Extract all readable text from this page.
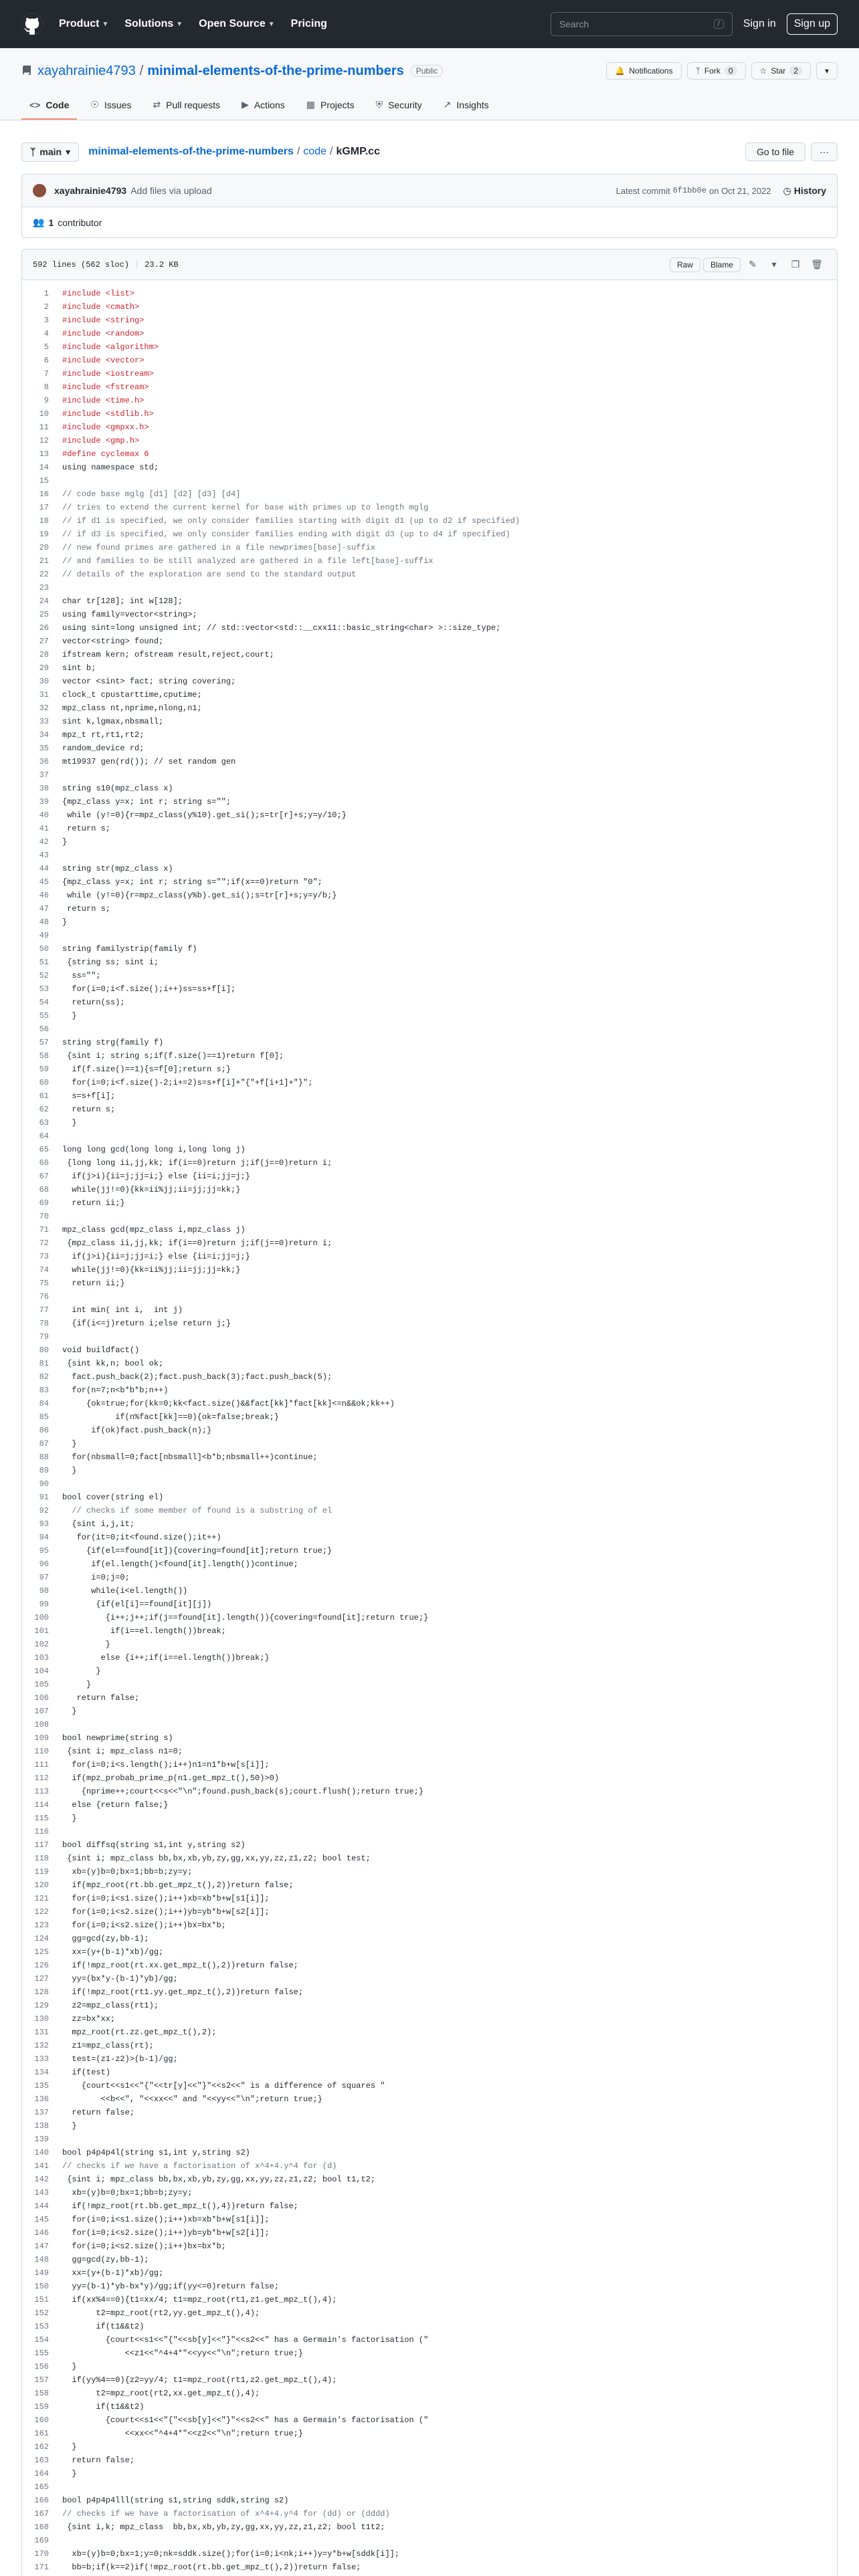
Product ▼ Solutions ▼ Open Source ▼ Pricing	Search	/	Sign in	Sign up
xayahrainie4793 / minimal-elements-of-the-prime-numbers	Public	🔔 Notifications	ᛉ Fork	0	☆ Star	2	▾
<> Code ☉ Issues ⇄ Pull requests ▶ Actions ▦ Projects ⛨ Security ↗ Insights
ᛉ main ▾ minimal-elements-of-the-prime-numbers / code / kGMP.cc	Go to file	···
xayahrainie4793 Add files via upload	Latest commit 6f1bb0e on Oct 21, 2022 ◷ History
👥 1 contributor
592 lines (562 sloc) | 23.2 KB	Raw	Blame	✎	▾	❐	🗑
1	#include <list>
2	#include <cmath>
3	#include <string>
4	#include <random>
5	#include <algorithm>
6	#include <vector>
7	#include <iostream>
8	#include <fstream>
9	#include <time.h>
10	#include <stdlib.h>
11	#include <gmpxx.h>
12	#include <gmp.h>
13	#define cyclemax 6
14	using namespace std;
15
16	// code base mglg [d1] [d2] [d3] [d4]
17	// tries to extend the current kernel for base with primes up to length mglg
18	// if d1 is specified, we only consider families starting with digit d1 (up to d2 if specified)
19	// if d3 is specified, we only consider families ending with digit d3 (up to d4 if specified)
20	// new found primes are gathered in a file newprimes[base]-suffix
21	// and families to be still analyzed are gathered in a file left[base]-suffix
22	// details of the exploration are send to the standard output
23
24	char tr[128]; int w[128];
25	using family=vector<string>;
26	using sint=long unsigned int; // std::vector<std::__cxx11::basic_string<char> >::size_type;
27	vector<string> found;
28	ifstream kern; ofstream result,reject,court;
29	sint b;
30	vector <sint> fact; string covering;
31	clock_t cpustarttime,cputime;
32	mpz_class nt,nprime,nlong,n1;
33	sint k,lgmax,nbsmall;
34	mpz_t rt,rt1,rt2;
35	random_device rd;
36	mt19937 gen(rd()); // set random gen
37
38	string s10(mpz_class x)
39	{mpz_class y=x; int r; string s="";
40	while (y!=0){r=mpz_class(y%10).get_si();s=tr[r]+s;y=y/10;}
41	return s;
42	}
43
44	string str(mpz_class x)
45	{mpz_class y=x; int r; string s="";if(x==0)return "0";
46	while (y!=0){r=mpz_class(y%b).get_si();s=tr[r]+s;y=y/b;}
47	return s;
48	}
49
50	string familystrip(family f)
51	{string ss; sint i;
52	ss="";
53	for(i=0;i<f.size();i++)ss=ss+f[i];
54	return(ss);
55	}
56
57	string strg(family f)
58	{sint i; string s;if(f.size()==1)return f[0];
59	if(f.size()==1){s=f[0];return s;}
60	for(i=0;i<f.size()-2;i+=2)s=s+f[i]+"{"+f[i+1]+"}";
61	s=s+f[i];
62	return s;
63	}
64
65	long long gcd(long long i,long long j)
66	{long long ii,jj,kk; if(i==0)return j;if(j==0)return i;
67	if(j>i){ii=j;jj=i;} else {ii=i;jj=j;}
68	while(jj!=0){kk=ii%jj;ii=jj;jj=kk;}
69	return ii;}
70
71	mpz_class gcd(mpz_class i,mpz_class j)
72	{mpz_class ii,jj,kk; if(i==0)return j;if(j==0)return i;
73	if(j>i){ii=j;jj=i;} else {ii=i;jj=j;}
74	while(jj!=0){kk=ii%jj;ii=jj;jj=kk;}
75	return ii;}
76
77	int min( int i,  int j)
78	{if(i<=j)return i;else return j;}
79
80	void buildfact()
81	{sint kk,n; bool ok;
82	fact.push_back(2);fact.push_back(3);fact.push_back(5);
83	for(n=7;n<b*b*b;n++)
84	{ok=true;for(kk=0;kk<fact.size()&&fact[kk]*fact[kk]<=n&&ok;kk++)
85	if(n%fact[kk]==0){ok=false;break;}
86	if(ok)fact.push_back(n);}
87	}
88	for(nbsmall=0;fact[nbsmall]<b*b;nbsmall++)continue;
89	}
90
91	bool cover(string el)
92	// checks if some member of found is a substring of el
93	{sint i,j,it;
94	for(it=0;it<found.size();it++)
95	{if(el==found[it]){covering=found[it];return true;}
96	if(el.length()<found[it].length())continue;
97	i=0;j=0;
98	while(i<el.length())
99	{if(el[i]==found[it][j])
100	{i++;j++;if(j==found[it].length()){covering=found[it];return true;}
101	if(i==el.length())break;
102	}
103	else {i++;if(i==el.length())break;}
104	}
105	}
106	return false;
107	}
108
109	bool newprime(string s)
110	{sint i; mpz_class n1=0;
111	for(i=0;i<s.length();i++)n1=n1*b+w[s[i]];
112	if(mpz_probab_prime_p(n1.get_mpz_t(),50)>0)
113	{nprime++;court<<s<<"\n";found.push_back(s);court.flush();return true;}
114	else {return false;}
115	}
116
117	bool diffsq(string s1,int y,string s2)
118	{sint i; mpz_class bb,bx,xb,yb,zy,gg,xx,yy,zz,z1,z2; bool test;
119	xb=(y)b=0;bx=1;bb=b;zy=y;
120	if(mpz_root(rt.bb.get_mpz_t(),2))return false;
121	for(i=0;i<s1.size();i++)xb=xb*b+w[s1[i]];
122	for(i=0;i<s2.size();i++)yb=yb*b+w[s2[i]];
123	for(i=0;i<s2.size();i++)bx=bx*b;
124	gg=gcd(zy,bb-1);
125	xx=(y+(b-1)*xb)/gg;
126	if(!mpz_root(rt.xx.get_mpz_t(),2))return false;
127	yy=(bx*y-(b-1)*yb)/gg;
128	if(!mpz_root(rt1.yy.get_mpz_t(),2))return false;
129	z2=mpz_class(rt1);
130	zz=bx*xx;
131	mpz_root(rt.zz.get_mpz_t(),2);
132	z1=mpz_class(rt);
133	test=(z1-z2)>(b-1)/gg;
134	if(test)
135	{court<<s1<<"{"<<tr[y]<<"}"<<s2<<" is a difference of squares "
136	<<b<<", "<<xx<<" and "<<yy<<"\n";return true;}
137	return false;
138	}
139
140	bool p4p4p4l(string s1,int y,string s2)
141	// checks if we have a factorisation of x^4+4.y^4 for (d)
142	{sint i; mpz_class bb,bx,xb,yb,zy,gg,xx,yy,zz,z1,z2; bool t1,t2;
143	xb=(y)b=0;bx=1;bb=b;zy=y;
144	if(!mpz_root(rt.bb.get_mpz_t(),4))return false;
145	for(i=0;i<s1.size();i++)xb=xb*b+w[s1[i]];
146	for(i=0;i<s2.size();i++)yb=yb*b+w[s2[i]];
147	for(i=0;i<s2.size();i++)bx=bx*b;
148	gg=gcd(zy,bb-1);
149	xx=(y+(b-1)*xb)/gg;
150	yy=(b-1)*yb-bx*y)/gg;if(yy<=0)return false;
151	if(xx%4==0){t1=xx/4; t1=mpz_root(rt1,z1.get_mpz_t(),4);
152	t2=mpz_root(rt2,yy.get_mpz_t(),4);
153	if(t1&&t2)
154	{court<<s1<<"{"<<sb[y]<<"}"<<s2<<" has a Germain's factorisation ("
155	<<z1<<"^4+4*"<<yy<<"\n";return true;}
156	}
157	if(yy%4==0){z2=yy/4; t1=mpz_root(rt1,z2.get_mpz_t(),4);
158	t2=mpz_root(rt2,xx.get_mpz_t(),4);
159	if(t1&&t2)
160	{court<<s1<<"{"<<sb[y]<<"}"<<s2<<" has a Germain's factorisation ("
161	<<xx<<"^4+4*"<<z2<<"\n";return true;}
162	}
163	return false;
164	}
165
166	bool p4p4p4lll(string s1,string sddk,string s2)
167	// checks if we have a factorisation of x^4+4.y^4 for (dd) or (dddd)
168	{sint i,k; mpz_class  bb,bx,xb,yb,zy,gg,xx,yy,zz,z1,z2; bool t1t2;
169
170	xb=(y)b=0;bx=1;y=0;nk=sddk.size();for(i=0;i<nk;i++)y=y*b+w[sddk[i]];
171	bb=b;if(k==2)if(!mpz_root(rt.bb.get_mpz_t(),2))return false;
